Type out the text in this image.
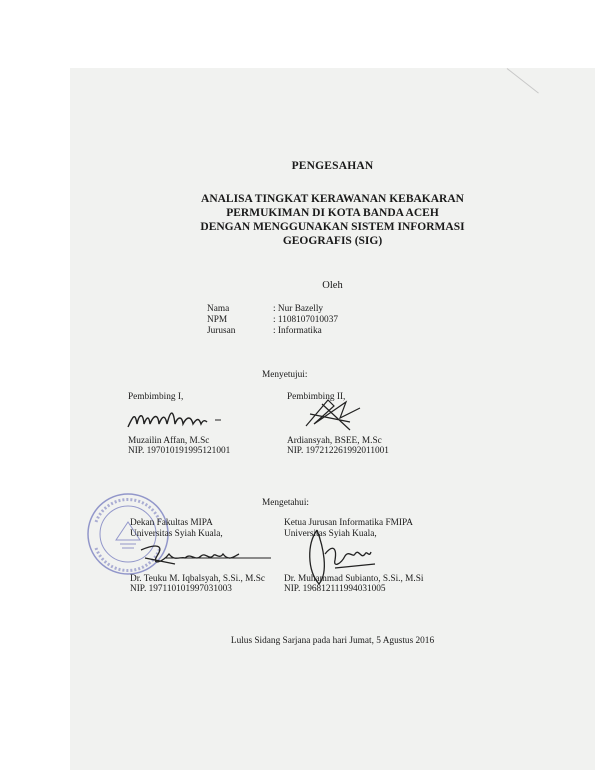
PENGESAHAN
ANALISA TINGKAT KERAWANAN KEBAKARAN
PERMUKIMAN DI KOTA BANDA ACEH
DENGAN MENGGUNAKAN SISTEM INFORMASI
GEOGRAFIS (SIG)
Oleh
Nama	: Nur Bazelly
NPM	: 1108107010037
Jurusan	: Informatika
Menyetujui:
Pembimbing I,
Muzailin Affan, M.Sc
NIP. 197010191995121001
Pembimbing II,
Ardiansyah, BSEE, M.Sc
NIP. 197212261992011001
Mengetahui:
Dekan Fakultas MIPA
Universitas Syiah Kuala,
Dr. Teuku M. Iqbalsyah, S.Si., M.Sc
NIP. 197110101997031003
Ketua Jurusan Informatika FMIPA
Universitas Syiah Kuala,
Dr. Muhammad Subianto, S.Si., M.Si
NIP. 196812111994031005
Lulus Sidang Sarjana pada hari Jumat, 5 Agustus 2016
